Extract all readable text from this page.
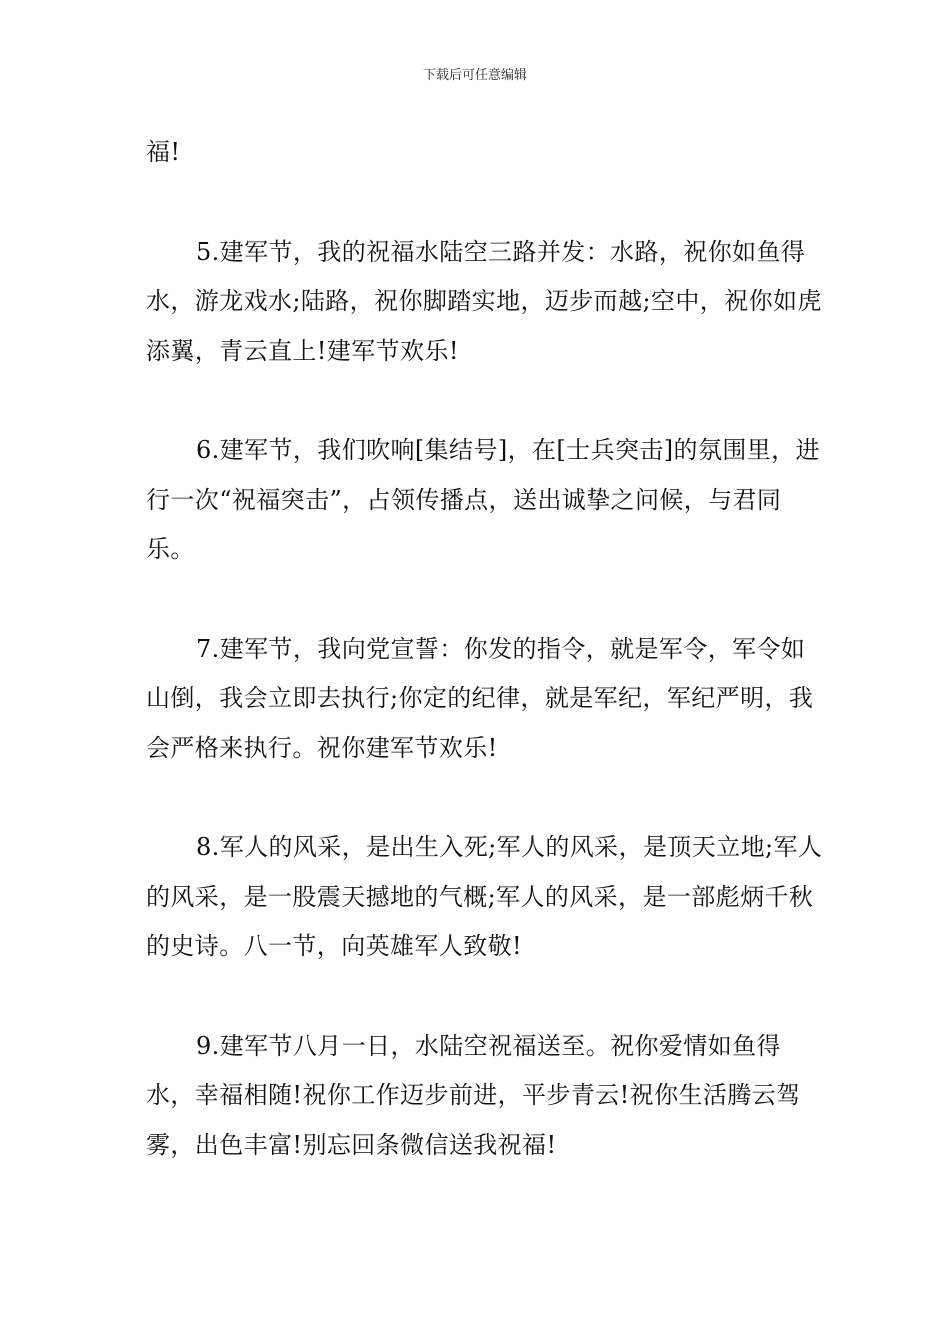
下载后可任意编辑

福!

5.建军节，我的祝福水陆空三路并发：水路，祝你如鱼得水，游龙戏水;陆路，祝你脚踏实地，迈步而越;空中，祝你如虎添翼，青云直上!建军节欢乐!

6.建军节，我们吹响[集结号]，在[士兵突击]的氛围里，进行一次“祝福突击”，占领传播点，送出诚挚之问候，与君同乐。

7.建军节，我向党宣誓：你发的指令，就是军令，军令如山倒，我会立即去执行;你定的纪律，就是军纪，军纪严明，我会严格来执行。祝你建军节欢乐!

8.军人的风采，是出生入死;军人的风采，是顶天立地;军人的风采，是一股震天撼地的气概;军人的风采，是一部彪炳千秋的史诗。八一节，向英雄军人致敬!

9.建军节八月一日，水陆空祝福送至。祝你爱情如鱼得水，幸福相随!祝你工作迈步前进，平步青云!祝你生活腾云驾雾，出色丰富!别忘回条微信送我祝福!
